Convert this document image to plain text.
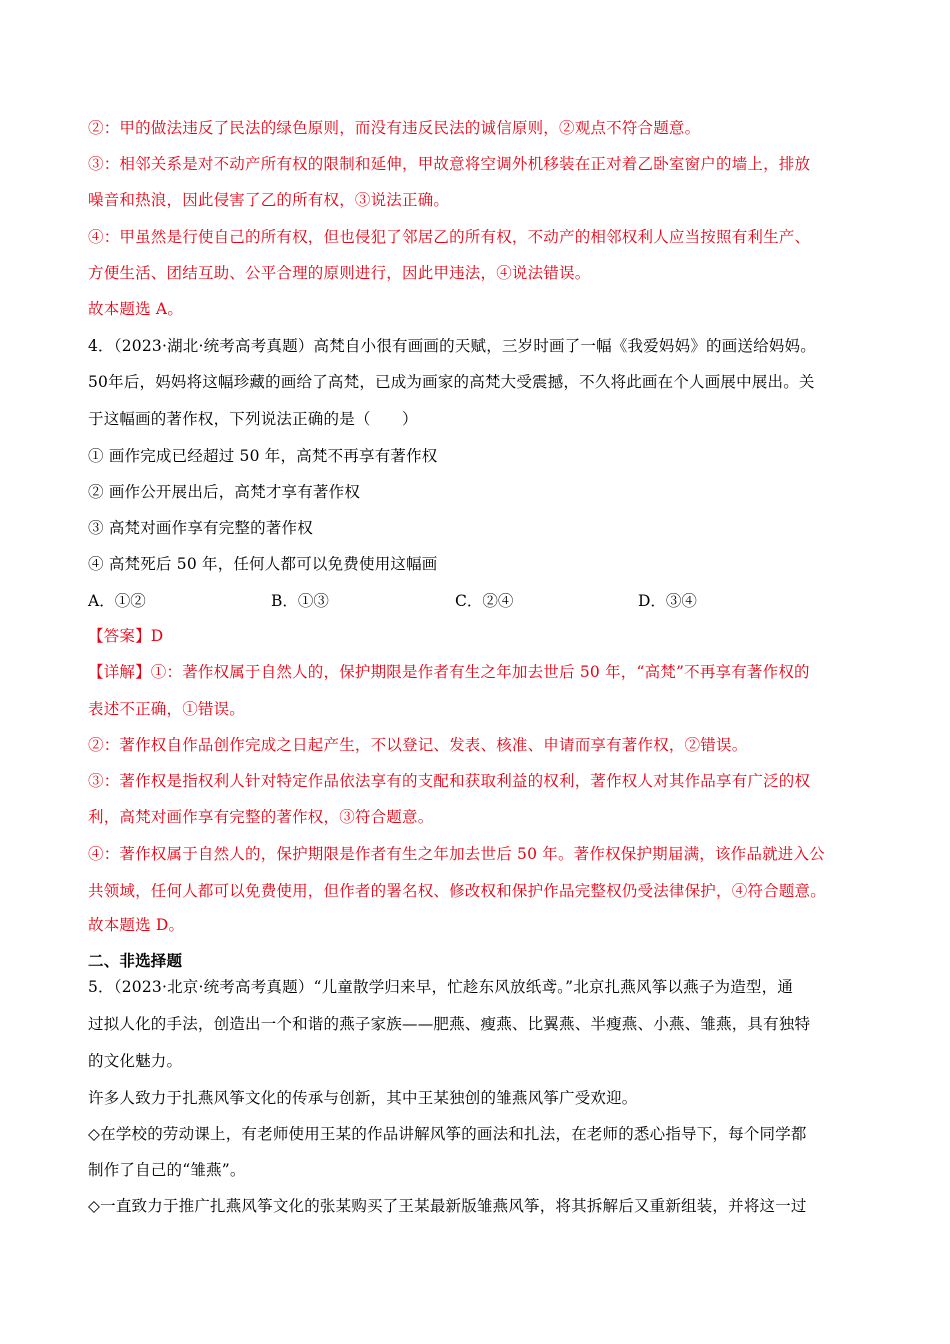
②：甲的做法违反了民法的绿色原则，而没有违反民法的诚信原则，②观点不符合题意。
③：相邻关系是对不动产所有权的限制和延伸，甲故意将空调外机移装在正对着乙卧室窗户的墙上，排放
噪音和热浪，因此侵害了乙的所有权，③说法正确。
④：甲虽然是行使自己的所有权，但也侵犯了邻居乙的所有权，不动产的相邻权利人应当按照有利生产、
方便生活、团结互助、公平合理的原则进行，因此甲违法，④说法错误。
故本题选 A。
4．（2023·湖北·统考高考真题）高梵自小很有画画的天赋，三岁时画了一幅《我爱妈妈》的画送给妈妈。
50年后，妈妈将这幅珍藏的画给了高梵，已成为画家的高梵大受震撼，不久将此画在个人画展中展出。关
于这幅画的著作权，下列说法正确的是（　　）
① 画作完成已经超过 50 年，高梵不再享有著作权
② 画作公开展出后，高梵才享有著作权
③ 高梵对画作享有完整的著作权
④ 高梵死后 50 年，任何人都可以免费使用这幅画
A．①②	B．①③	C．②④	D．③④
【答案】D
【详解】①：著作权属于自然人的，保护期限是作者有生之年加去世后 50 年，“高梵”不再享有著作权的
表述不正确，①错误。
②：著作权自作品创作完成之日起产生，不以登记、发表、核准、申请而享有著作权，②错误。
③：著作权是指权利人针对特定作品依法享有的支配和获取利益的权利，著作权人对其作品享有广泛的权
利，高梵对画作享有完整的著作权，③符合题意。
④：著作权属于自然人的，保护期限是作者有生之年加去世后 50 年。著作权保护期届满，该作品就进入公
共领域，任何人都可以免费使用，但作者的署名权、修改权和保护作品完整权仍受法律保护，④符合题意。
故本题选 D。
二、非选择题
5．（2023·北京·统考高考真题）“儿童散学归来早，忙趁东风放纸鸢。”北京扎燕风筝以燕子为造型，通
过拟人化的手法，创造出一个和谐的燕子家族——肥燕、瘦燕、比翼燕、半瘦燕、小燕、雏燕，具有独特
的文化魅力。
许多人致力于扎燕风筝文化的传承与创新，其中王某独创的雏燕风筝广受欢迎。
◇在学校的劳动课上，有老师使用王某的作品讲解风筝的画法和扎法，在老师的悉心指导下，每个同学都
制作了自己的“雏燕”。
◇一直致力于推广扎燕风筝文化的张某购买了王某最新版雏燕风筝，将其拆解后又重新组装，并将这一过
